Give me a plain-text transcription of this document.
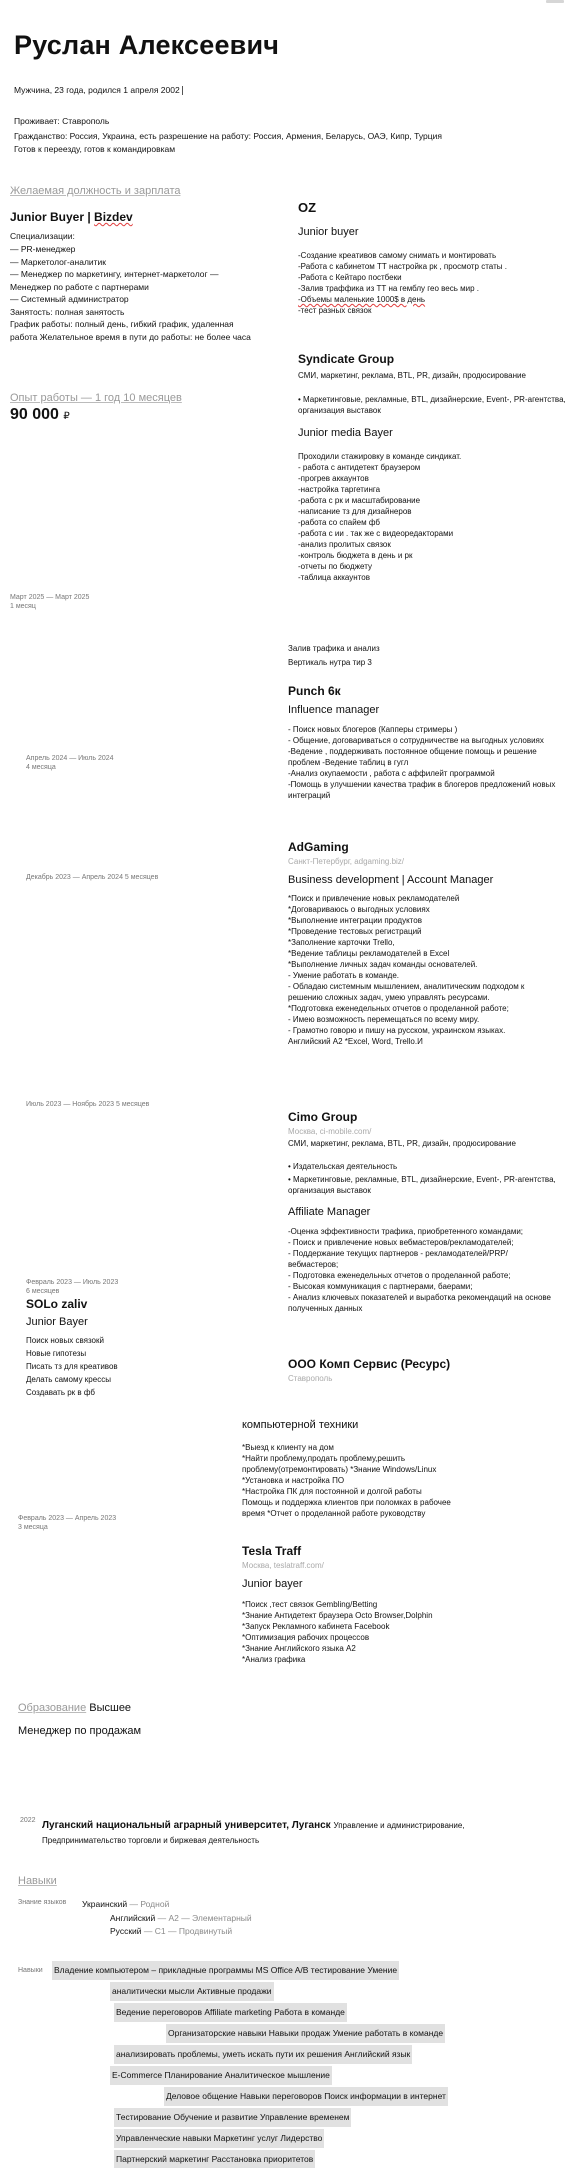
Руслан Алексеевич
Мужчина, 23 года, родился 1 апреля 2002
Проживает: Ставрополь
Гражданство: Россия, Украина, есть разрешение на работу: Россия, Армения, Беларусь, ОАЭ, Кипр, Турция
Готов к переезду, готов к командировкам
Желаемая должность и зарплата
Junior Buyer | Bizdev
Специализации:
— PR-менеджер
— Маркетолог-аналитик
— Менеджер по маркетингу, интернет-маркетолог —
Менеджер по работе с партнерами
— Системный администратор
Занятость: полная занятость
График работы: полный день, гибкий график, удаленная
работа Желательное время в пути до работы: не более часа
Опыт работы — 1 год 10 месяцев
90 000 ₽
OZ
Junior buyer
-Создание креативов самому снимать и монтировать
-Работа с кабинетом ТТ настройка рк , просмотр статы .
-Работа с Кейтаро постбеки
-Залив траффика из ТТ на гемблу гео весь мир .
-Объемы маленькие 1000$ в день
-тест разных связок
Syndicate Group
СМИ, маркетинг, реклама, BTL, PR, дизайн, продюсирование
• Маркетинговые, рекламные, BTL, дизайнерские, Event-, PR-агентства, организация выставок
Junior media Bayer
Проходили стажировку в команде синдикат.
- работа с антидетект браузером
-прогрев аккаунтов
-настройка таргетинга
-работа с рк и масштабирование
-написание тз для дизайнеров
-работа со спайем фб
-работа с ии . так же с видеоредакторами
-анализ пролитых связок
-контроль бюджета в день и рк
-отчеты по бюджету
-таблица аккаунтов
Март 2025 — Март 2025
1 месяц
Залив трафика и анализ
Вертикаль нутра тир 3
Punch 6к
Influence manager
- Поиск новых блогеров (Капперы стримеры )
- Общение, договариваться о сотрудничестве на выгодных условиях
-Ведение , поддерживать постоянное общение помощь и решение проблем -Ведение таблиц в гугл
-Анализ окупаемости , работа с аффилейт программой
-Помощь в улучшении качества трафик в блогеров предложений новых интеграций
Апрель 2024 — Июль 2024
4 месяца
AdGaming
Санкт-Петербург, adgaming.biz/
Business development | Account Manager
Декабрь 2023 — Апрель 2024 5 месяцев
*Поиск и привлечение новых рекламодателей
*Договариваюсь о выгодных условиях
*Выполнение интеграции продуктов
*Проведение тестовых регистраций
*Заполнение карточки Trello,
*Ведение таблицы рекламодателей в Excel
*Выполнение личных задач команды основателей.
- Умение работать в команде.
- Обладаю системным мышлением, аналитическим подходом к решению сложных задач, умею управлять ресурсами.
*Подготовка еженедельных отчетов о проделанной работе;
- Имею возможность перемещаться по всему миру.
- Грамотно говорю и пишу на русском, украинском языках.
Английский А2 *Excel, Word, Trello.И
Июль 2023 — Ноябрь 2023 5 месяцев
Cimo Group
Москва, ci-mobile.com/
СМИ, маркетинг, реклама, BTL, PR, дизайн, продюсирование
• Издательская деятельность
• Маркетинговые, рекламные, BTL, дизайнерские, Event-, PR-агентства, организация выставок
Affiliate Manager
-Оценка эффективности трафика, приобретенного командами;
- Поиск и привлечение новых вебмастеров/рекламодателей;
- Поддержание текущих партнеров - рекламодателей/PRP/вебмастеров;
- Подготовка еженедельных отчетов о проделанной работе;
- Высокая коммуникация с партнерами, баерами;
- Анализ ключевых показателей и выработка рекомендаций на основе полученных данных
Февраль 2023 — Июль 2023
6 месяцев
SOLo zaliv
Junior Bayer
Поиск новых связокй
Новые гипотезы
Писать тз для креативов
Делать самому крессы
Создавать рк в фб
ООО Комп Сервис (Ресурс)
Ставрополь
компьютерной техники
*Выезд к клиенту на дом
*Найти проблему,продать проблему,решить проблему(отремонтировать) *Знание Windows/Linux
*Установка и настройка ПО
*Настройка ПК для постоянной и долгой работы
Помощь и поддержка клиентов при поломках в рабочее время *Отчет о проделанной работе руководству
Февраль 2023 — Апрель 2023
3 месяца
Tesla Traff
Москва, teslatraff.com/
Junior bayer
*Поиск ,тест связок Gembling/Betting
*Знание Антидетект браузера Octo Browser,Dolphin
*Запуск Рекламного кабинета Facebook
*Оптимизация рабочих процессов
*Знание Английского языка А2
*Анализ графика
Образование Высшее
Менеджер по продажам
2022 Луганский национальный аграрный университет, Луганск Управление и администрирование, Предпринимательство торговли и биржевая деятельность
Навыки
Знание языков Украинский — Родной
Английский — A2 — Элементарный
Русский — C1 — Продвинутый
Навыки Владение компьютером – прикладные программы MS Office A/B тестирование Умение
аналитически мысли Активные продажи
Ведение переговоров Affiliate marketing Работа в команде
Организаторские навыки Навыки продаж Умение работать в команде
анализировать проблемы, уметь искать пути их решения Английский язык
E-Commerce Планирование Аналитическое мышление
Деловое общение Навыки переговоров Поиск информации в интернет
Тестирование Обучение и развитие Управление временем
Управленческие навыки Маркетинг услуг Лидерство
Партнерский маркетинг Расстановка приоритетов
